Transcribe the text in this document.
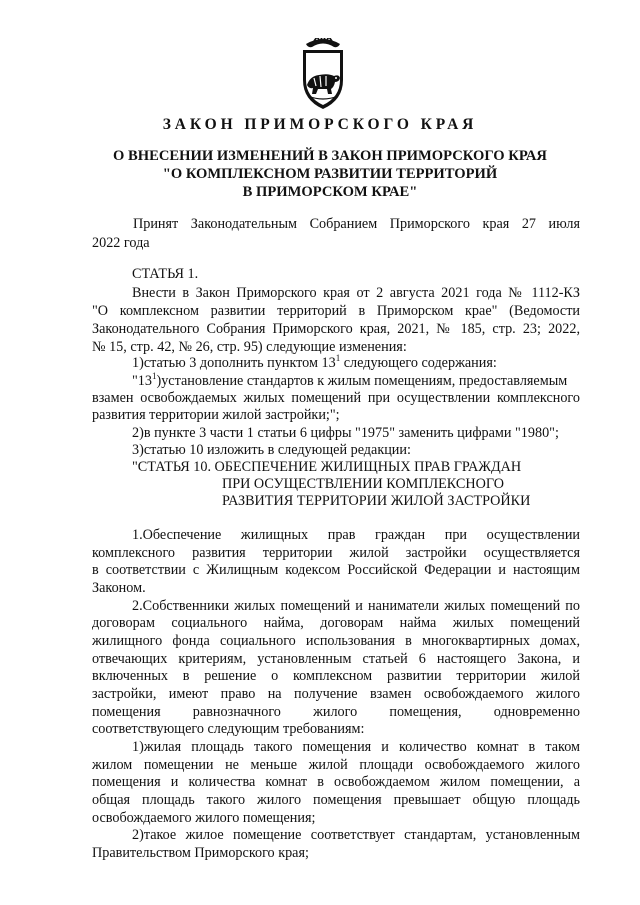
ЗАКОН ПРИМОРСКОГО КРАЯ
О ВНЕСЕНИИ ИЗМЕНЕНИЙ В ЗАКОН ПРИМОРСКОГО КРАЯ
"О КОМПЛЕКСНОМ РАЗВИТИИ ТЕРРИТОРИЙ
В ПРИМОРСКОМ КРАЕ"
Принят Законодательным Собранием Приморского края 27 июля
2022 года
СТАТЬЯ 1.
Внести в Закон Приморского края от 2 августа 2021 года № 1112-КЗ
"О комплексном развитии территорий в Приморском крае" (Ведомости
Законодательного Собрания Приморского края, 2021, № 185, стр. 23; 2022,
№ 15, стр. 42, № 26, стр. 95) следующие изменения:
1)статью 3 дополнить пунктом $13^1$ следующего содержания:
"$13^1)установление$ стандартов к жилым помещениям, предоставляемым
взамен освобождаемых жилых помещений при осуществлении комплексного
развития территории жилой застройки;";
2)в пункте 3 части 1 статьи 6 цифры "1975" заменить цифрами "1980";
3)статью 10 изложить в следующей редакции:
"СТАТЬЯ 10. ОБЕСПЕЧЕНИЕ ЖИЛИЩНЫХ ПРАВ ГРАЖДАН
ПРИ ОСУЩЕСТВЛЕНИИ КОМПЛЕКСНОГО
РАЗВИТИЯ ТЕРРИТОРИИ ЖИЛОЙ ЗАСТРОЙКИ
1.Обеспечение жилищных прав граждан при осуществлении
комплексного развития территории жилой застройки осуществляется
в соответствии с Жилищным кодексом Российской Федерации и настоящим
Законом.
2.Собственники жилых помещений и наниматели жилых помещений по
договорам социального найма, договорам найма жилых помещений
жилищного фонда социального использования в многоквартирных домах,
отвечающих критериям, установленным статьей 6 настоящего Закона, и
включенных в решение о комплексном развитии территории жилой
застройки, имеют право на получение взамен освобождаемого жилого
помещения равнозначного жилого помещения, одновременно
соответствующего следующим требованиям:
1)жилая площадь такого помещения и количество комнат в таком
жилом помещении не меньше жилой площади освобождаемого жилого
помещения и количества комнат в освобождаемом жилом помещении, а
общая площадь такого жилого помещения превышает общую площадь
освобождаемого жилого помещения;
2)такое жилое помещение соответствует стандартам, установленным
Правительством Приморского края;
